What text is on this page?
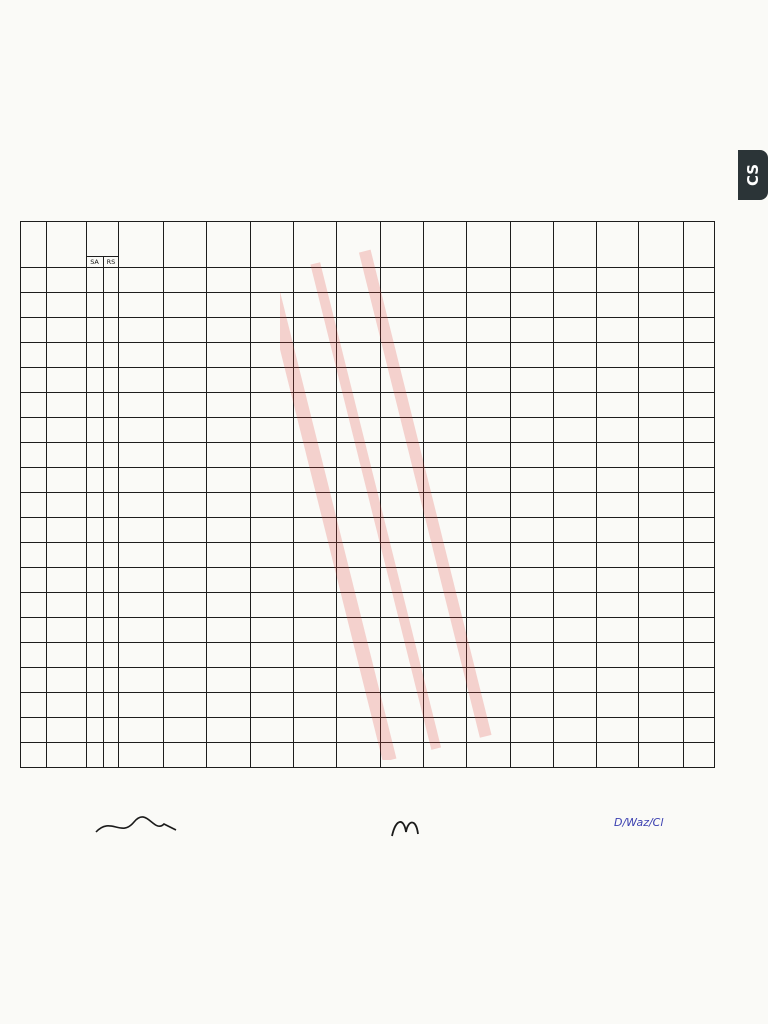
CS

		SA	RS														

D/Waz/Cl
